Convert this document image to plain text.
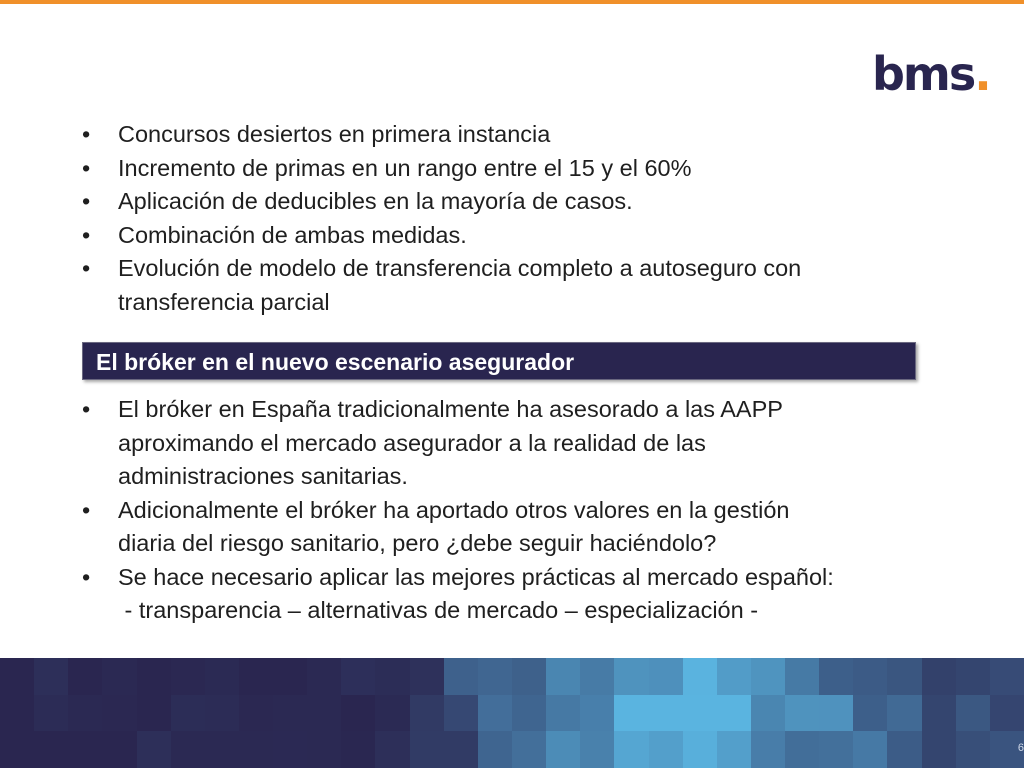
bms.
•	Concursos desiertos en primera instancia
•	Incremento de primas en un rango entre el 15 y el 60%
•	Aplicación de deducibles en la mayoría de casos.
•	Combinación de ambas medidas.
•	Evolución de modelo de transferencia completo a autoseguro con
transferencia parcial
El bróker en el nuevo escenario asegurador
•	El bróker en España tradicionalmente ha asesorado a las AAPP
aproximando el mercado asegurador a la realidad de las
administraciones sanitarias.
•	Adicionalmente el bróker ha aportado otros valores en la gestión
diaria del riesgo sanitario, pero ¿debe seguir haciéndolo?
•	Se hace necesario aplicar las mejores prácticas al mercado español:
- transparencia – alternativas de mercado – especialización -
6
